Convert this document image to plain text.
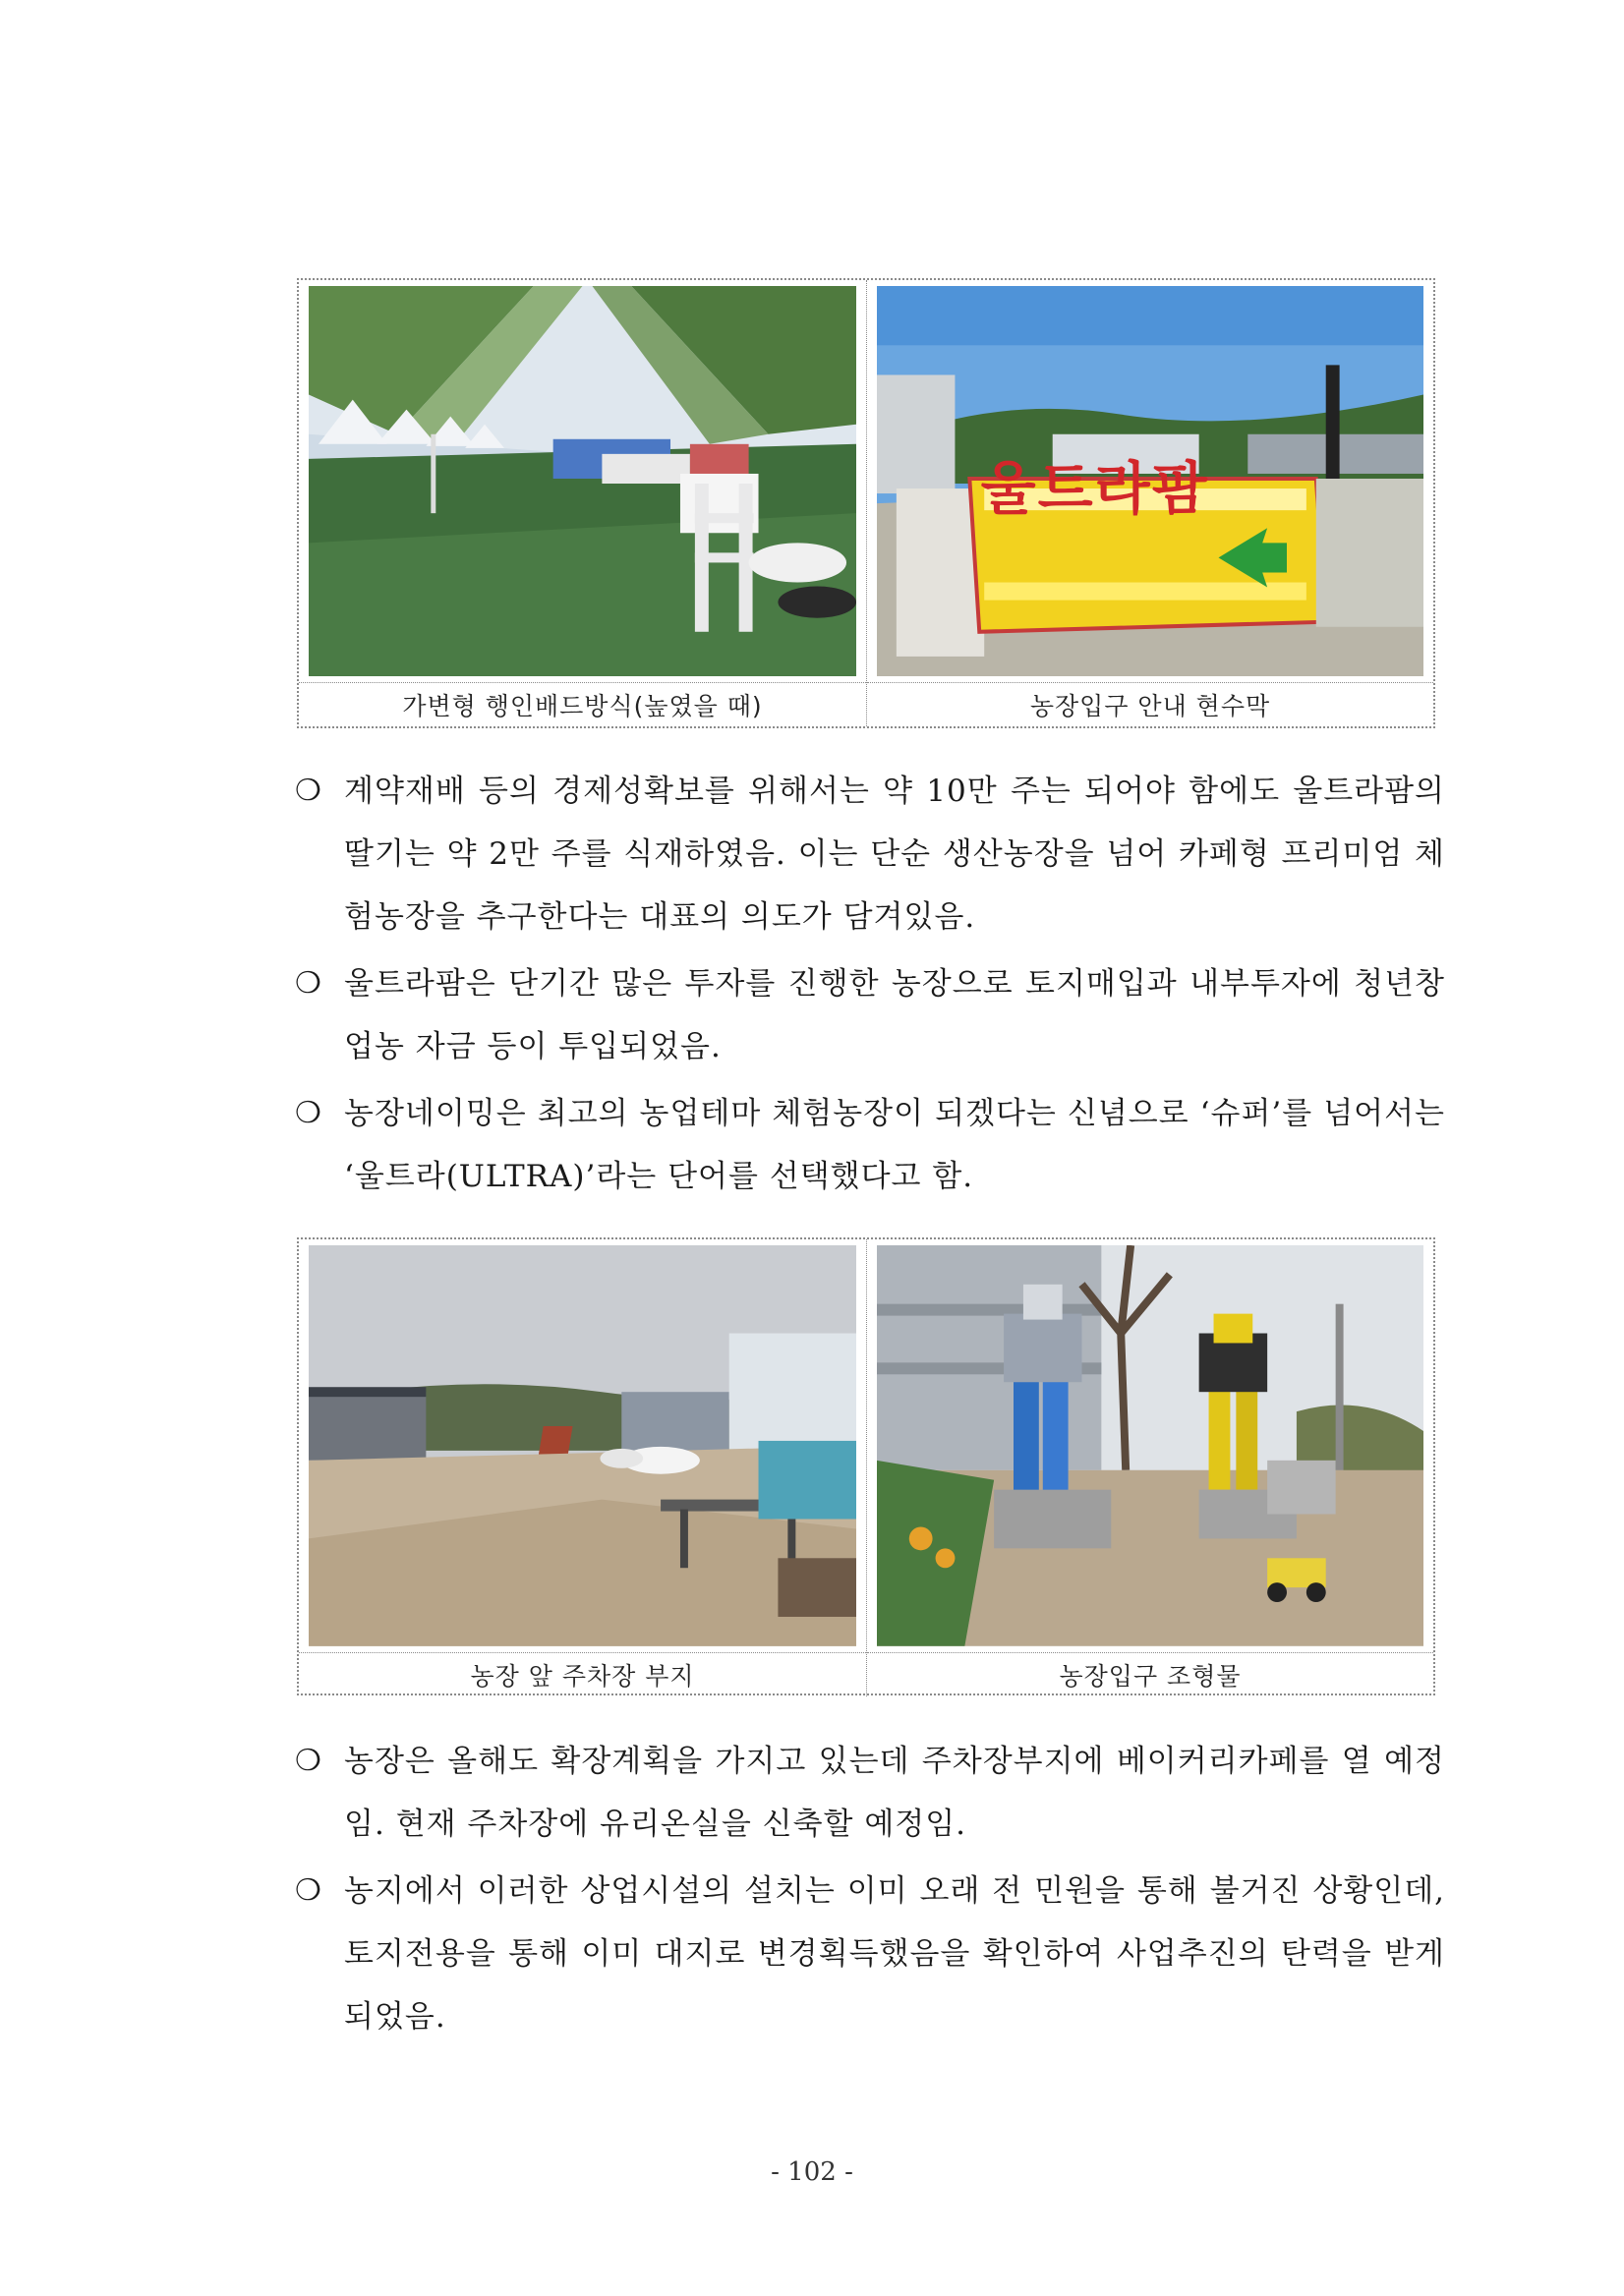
가변형 행인배드방식(높였을 때)
울트라팜
농장입구 안내 현수막
❍ 계약재배 등의 경제성확보를 위해서는 약 10만 주는 되어야 함에도 울트라팜의 딸기는 약 2만 주를 식재하였음. 이는 단순 생산농장을 넘어 카페형 프리미엄 체험농장을 추구한다는 대표의 의도가 담겨있음.
❍ 울트라팜은 단기간 많은 투자를 진행한 농장으로 토지매입과 내부투자에 청년창업농 자금 등이 투입되었음.
❍ 농장네이밍은 최고의 농업테마 체험농장이 되겠다는 신념으로 ‘슈퍼’를 넘어서는 ‘울트라(ULTRA)’라는 단어를 선택했다고 함.
농장 앞 주차장 부지	농장입구 조형물
❍ 농장은 올해도 확장계획을 가지고 있는데 주차장부지에 베이커리카페를 열 예정임. 현재 주차장에 유리온실을 신축할 예정임.
❍ 농지에서 이러한 상업시설의 설치는 이미 오래 전 민원을 통해 불거진 상황인데, 토지전용을 통해 이미 대지로 변경획득했음을 확인하여 사업추진의 탄력을 받게 되었음.
- 102 -
